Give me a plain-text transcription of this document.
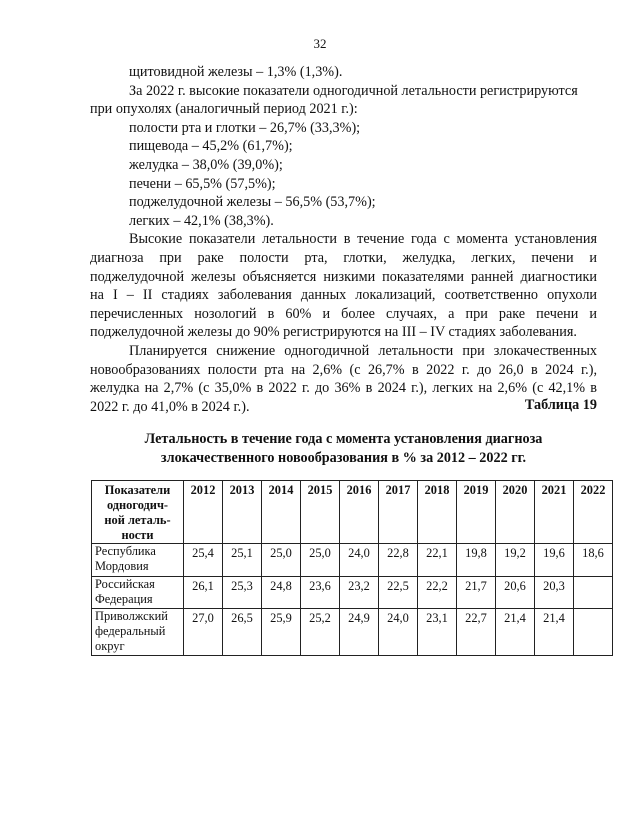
32

щитовидной железы – 1,3% (1,3%).

За 2022 г. высокие показатели одногодичной летальности регистрируются

при опухолях (аналогичный период 2021 г.):

полости рта и глотки – 26,7% (33,3%);

пищевода – 45,2% (61,7%);

желудка – 38,0% (39,0%);

печени – 65,5% (57,5%);

поджелудочной железы – 56,5% (53,7%);

легких – 42,1% (38,3%).

Высокие показатели летальности в течение года с момента установления

диагноза при раке полости рта, глотки, желудка, легких, печени и

поджелудочной железы объясняется низкими показателями ранней диагностики

на I – II стадиях заболевания данных локализаций, соответственно опухоли

перечисленных нозологий в 60% и более случаях, а при раке печени и

поджелудочной железы до 90% регистрируются на III – IV стадиях заболевания.

Планируется снижение одногодичной летальности при злокачественных

новообразованиях полости рта на 2,6% (с 26,7% в 2022 г. до 26,0 в 2024 г.),

желудка на 2,7% (с 35,0% в 2022 г. до 36% в 2024 г.), легких на 2,6% (с 42,1% в

2022 г. до 41,0% в 2024 г.).	Таблица 19
Летальность в течение года с момента установления диагноза
злокачественного новообразования в % за 2012 – 2022 гг.
Показатели
одногодич-
ной леталь-
ности	2012	2013	2014	2015	2016	2017	2018	2019	2020	2021	2022

Республика
Мордовия	25,4	25,1	25,0	25,0	24,0	22,8	22,1	19,8	19,2	19,6	18,6

Российская
Федерация	26,1	25,3	24,8	23,6	23,2	22,5	22,2	21,7	20,6	20,3	

Приволжский
федеральный
округ	27,0	26,5	25,9	25,2	24,9	24,0	23,1	22,7	21,4	21,4	
